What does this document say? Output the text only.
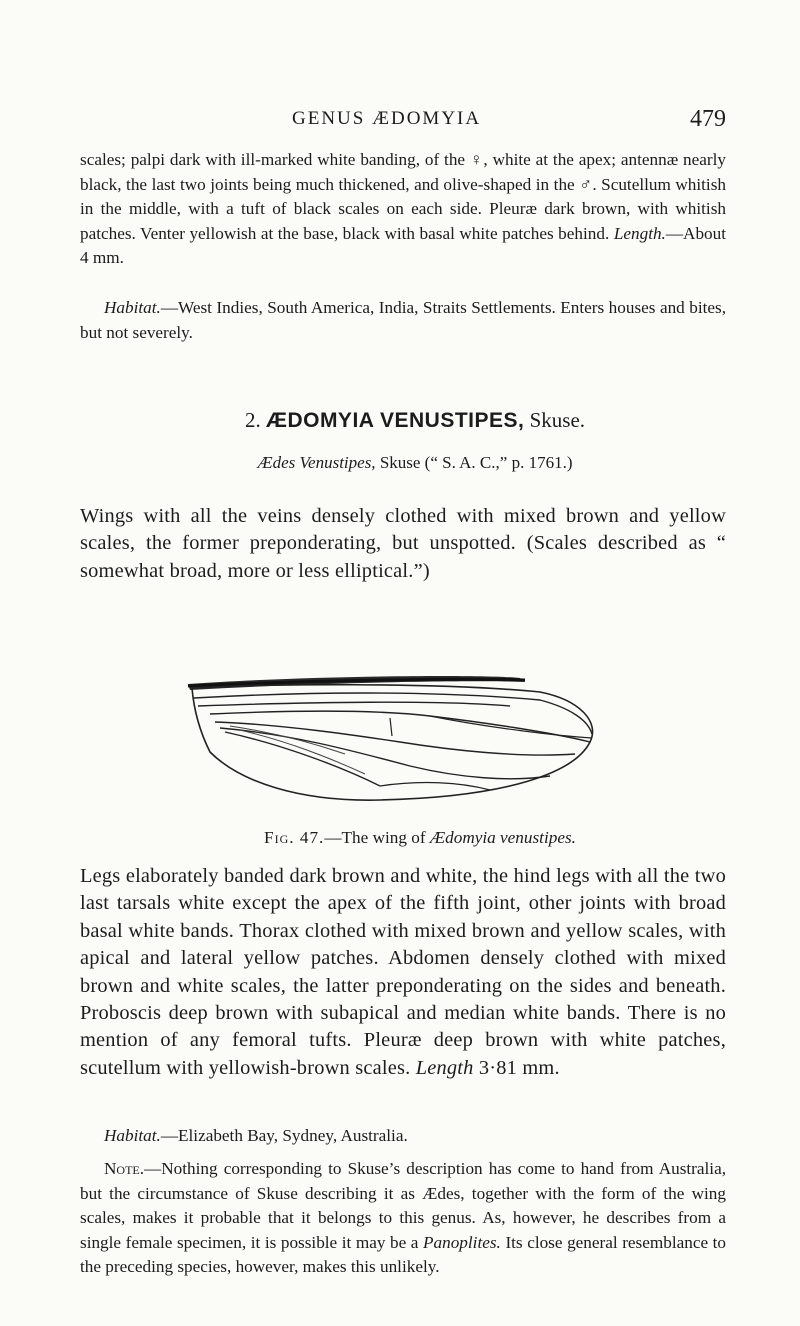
GENUS ÆDOMYIA	479

scales; palpi dark with ill-marked white banding, of the ♀, white at the apex; antennæ nearly black, the last two joints being much thickened, and olive-shaped in the ♂. Scutellum whitish in the middle, with a tuft of black scales on each side. Pleuræ dark brown, with whitish patches. Venter yellowish at the base, black with basal white patches behind. Length.—About 4 mm.

Habitat.—West Indies, South America, India, Straits Settlements. Enters houses and bites, but not severely.

2. ÆDOMYIA VENUSTIPES, Skuse.
Ædes Venustipes, Skuse (“ S. A. C.,” p. 1761.)

Wings with all the veins densely clothed with mixed brown and yellow scales, the former preponderating, but unspotted. (Scales described as “ somewhat broad, more or less elliptical.”)

Fig. 47.—The wing of Ædomyia venustipes.

Legs elaborately banded dark brown and white, the hind legs with all the two last tarsals white except the apex of the fifth joint, other joints with broad basal white bands. Thorax clothed with mixed brown and yellow scales, with apical and lateral yellow patches. Abdomen densely clothed with mixed brown and white scales, the latter preponderating on the sides and beneath. Proboscis deep brown with subapical and median white bands. There is no mention of any femoral tufts. Pleuræ deep brown with white patches, scutellum with yellowish-brown scales. Length 3·81 mm.

Habitat.—Elizabeth Bay, Sydney, Australia.

Note.—Nothing corresponding to Skuse’s description has come to hand from Australia, but the circumstance of Skuse describing it as Ædes, together with the form of the wing scales, makes it probable that it belongs to this genus. As, however, he describes from a single female specimen, it is possible it may be a Panoplites. Its close general resemblance to the preceding species, however, makes this unlikely.
